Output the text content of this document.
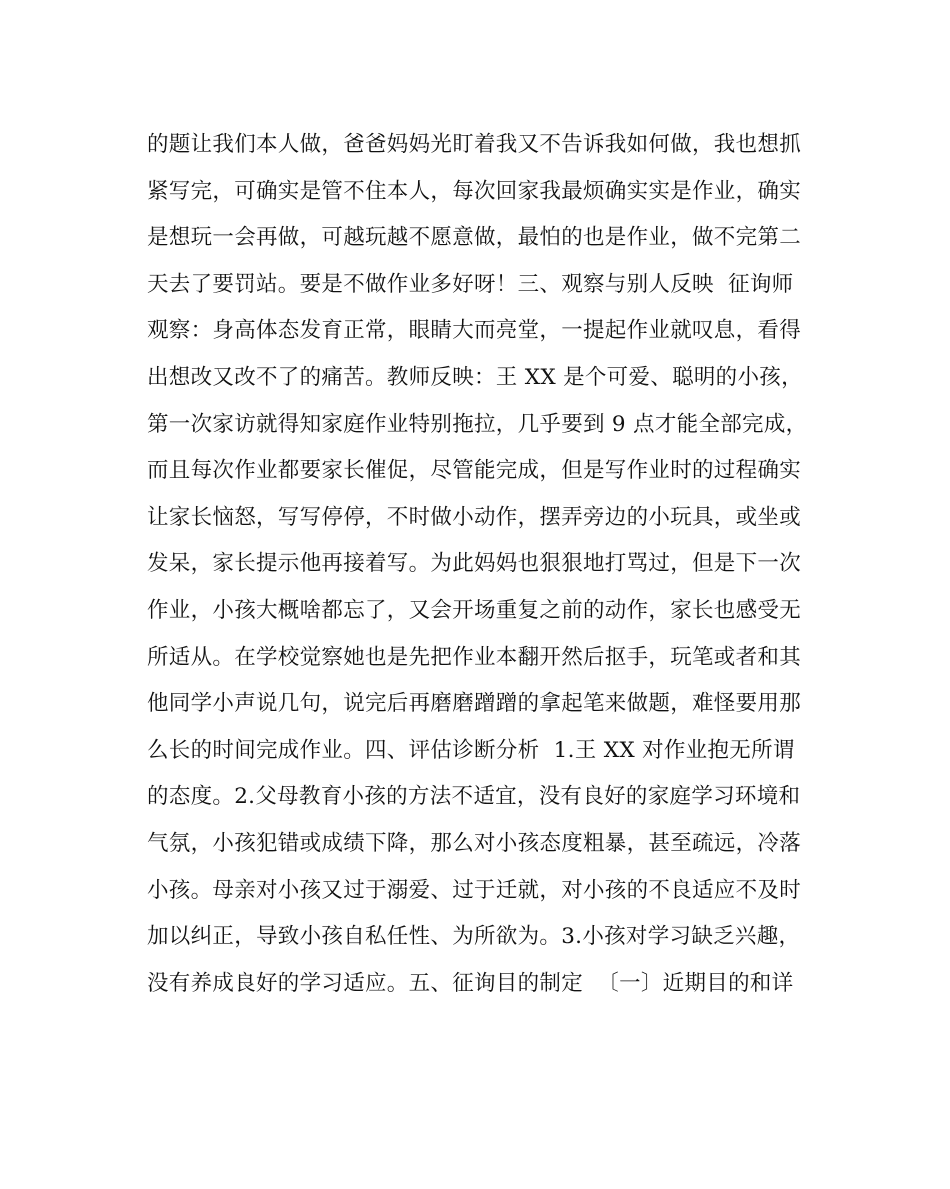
的题让我们本人做，爸爸妈妈光盯着我又不告诉我如何做，我也想抓
紧写完，可确实是管不住本人，每次回家我最烦确实实是作业，确实
是想玩一会再做，可越玩越不愿意做，最怕的也是作业，做不完第二
天去了要罚站。要是不做作业多好呀！三、观察与别人反映  征询师
观察：身高体态发育正常，眼睛大而亮堂，一提起作业就叹息，看得
出想改又改不了的痛苦。教师反映：王 XX 是个可爱、聪明的小孩，
第一次家访就得知家庭作业特别拖拉，几乎要到 9 点才能全部完成，
而且每次作业都要家长催促，尽管能完成，但是写作业时的过程确实
让家长恼怒，写写停停，不时做小动作，摆弄旁边的小玩具，或坐或
发呆，家长提示他再接着写。为此妈妈也狠狠地打骂过，但是下一次
作业，小孩大概啥都忘了，又会开场重复之前的动作，家长也感受无
所适从。在学校觉察她也是先把作业本翻开然后抠手，玩笔或者和其
他同学小声说几句，说完后再磨磨蹭蹭的拿起笔来做题，难怪要用那
么长的时间完成作业。四、评估诊断分析  1.王 XX 对作业抱无所谓
的态度。2.父母教育小孩的方法不适宜，没有良好的家庭学习环境和
气氛，小孩犯错或成绩下降，那么对小孩态度粗暴，甚至疏远，冷落
小孩。母亲对小孩又过于溺爱、过于迁就，对小孩的不良适应不及时
加以纠正，导致小孩自私任性、为所欲为。3.小孩对学习缺乏兴趣，
没有养成良好的学习适应。五、征询目的制定  〔一〕近期目的和详
